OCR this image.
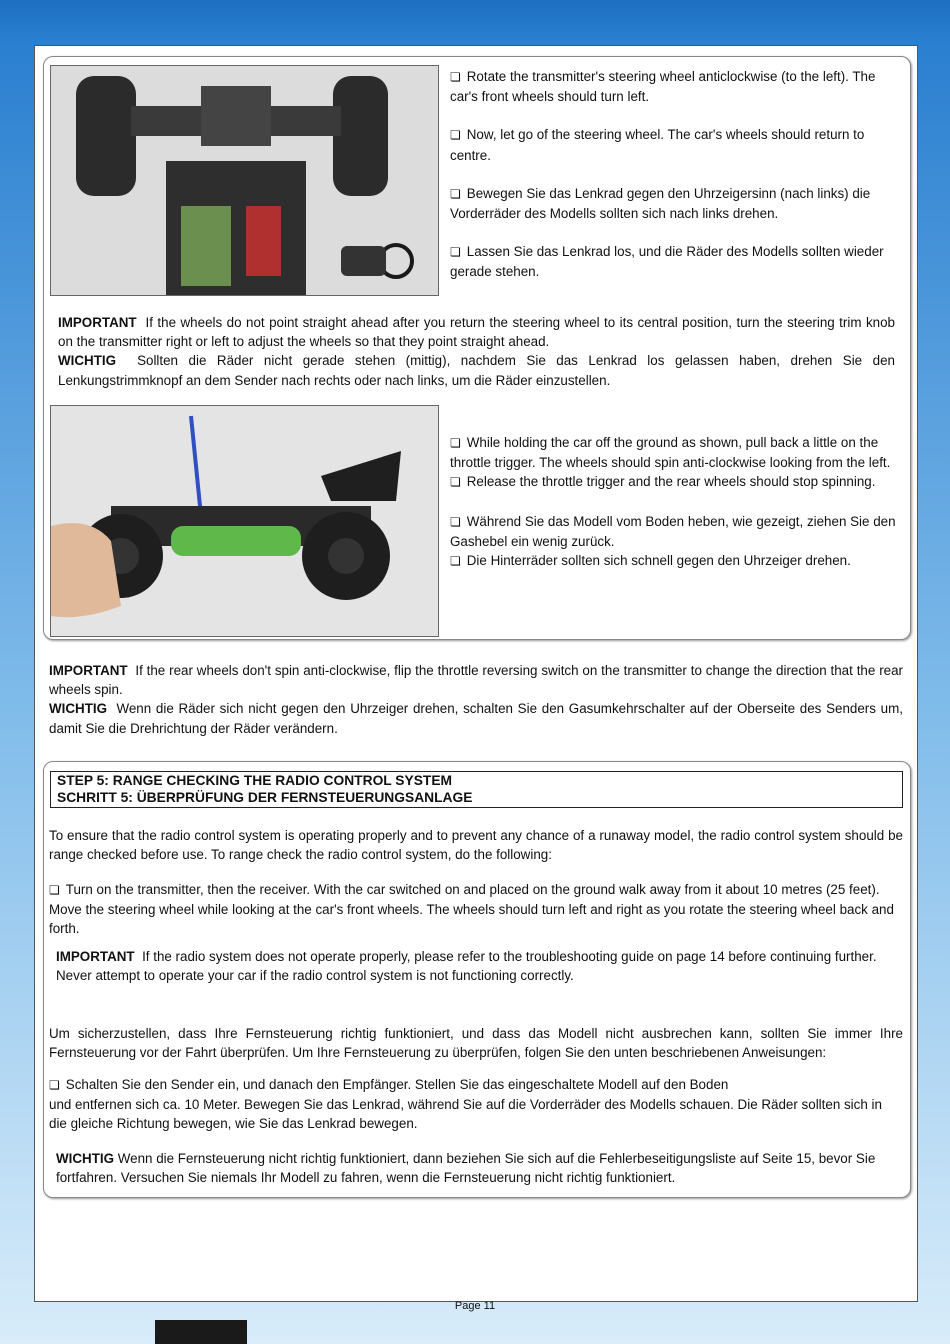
❏ Rotate the transmitter's steering wheel anticlockwise (to the left). The car's front wheels should turn left.

❏ Now, let go of the steering wheel. The car's wheels should return to centre.

❏ Bewegen Sie das Lenkrad gegen den Uhrzeigersinn (nach links) die Vorderräder des Modells sollten sich nach links drehen.

❏ Lassen Sie das Lenkrad los, und die Räder des Modells sollten wieder gerade stehen.

IMPORTANT If the wheels do not point straight ahead after you return the steering wheel to its central position, turn the steering trim knob on the transmitter right or left to adjust the wheels so that they point straight ahead.

WICHTIG Sollten die Räder nicht gerade stehen (mittig), nachdem Sie das Lenkrad los gelassen haben, drehen Sie den Lenkungstrimmknopf an dem Sender nach rechts oder nach links, um die Räder einzustellen.

❏ While holding the car off the ground as shown, pull back a little on the throttle trigger. The wheels should spin anti-clockwise looking from the left.

❏ Release the throttle trigger and the rear wheels should stop spinning.

❏ Während Sie das Modell vom Boden heben, wie gezeigt, ziehen Sie den Gashebel ein wenig zurück.

❏ Die Hinterräder sollten sich schnell gegen den Uhrzeiger drehen.

IMPORTANT If the rear wheels don't spin anti-clockwise, flip the throttle reversing switch on the transmitter to change the direction that the rear wheels spin.

WICHTIG Wenn die Räder sich nicht gegen den Uhrzeiger drehen, schalten Sie den Gasumkehrschalter auf der Oberseite des Senders um, damit Sie die Drehrichtung der Räder verändern.

STEP 5: RANGE CHECKING THE RADIO CONTROL SYSTEM
SCHRITT 5: ÜBERPRÜFUNG DER FERNSTEUERUNGSANLAGE

To ensure that the radio control system is operating properly and to prevent any chance of a runaway model, the radio control system should be range checked before use. To range check the radio control system, do the following:

❏ Turn on the transmitter, then the receiver. With the car switched on and placed on the ground walk away from it about 10 metres (25 feet). Move the steering wheel while looking at the car's front wheels. The wheels should turn left and right as you rotate the steering wheel back and forth.

IMPORTANT If the radio system does not operate properly, please refer to the troubleshooting guide on page 14 before continuing further. Never attempt to operate your car if the radio control system is not functioning correctly.

Um sicherzustellen, dass Ihre Fernsteuerung richtig funktioniert, und dass das Modell nicht ausbrechen kann, sollten Sie immer Ihre Fernsteuerung vor der Fahrt überprüfen. Um Ihre Fernsteuerung zu überprüfen, folgen Sie den unten beschriebenen Anweisungen:

❏ Schalten Sie den Sender ein, und danach den Empfänger. Stellen Sie das eingeschaltete Modell auf den Boden

und entfernen sich ca. 10 Meter. Bewegen Sie das Lenkrad, während Sie auf die Vorderräder des Modells schauen. Die Räder sollten sich in die gleiche Richtung bewegen, wie Sie das Lenkrad bewegen.

WICHTIG Wenn die Fernsteuerung nicht richtig funktioniert, dann beziehen Sie sich auf die Fehlerbeseitigungsliste auf Seite 15, bevor Sie fortfahren. Versuchen Sie niemals Ihr Modell zu fahren, wenn die Fernsteuerung nicht richtig funktioniert.

Page 11
